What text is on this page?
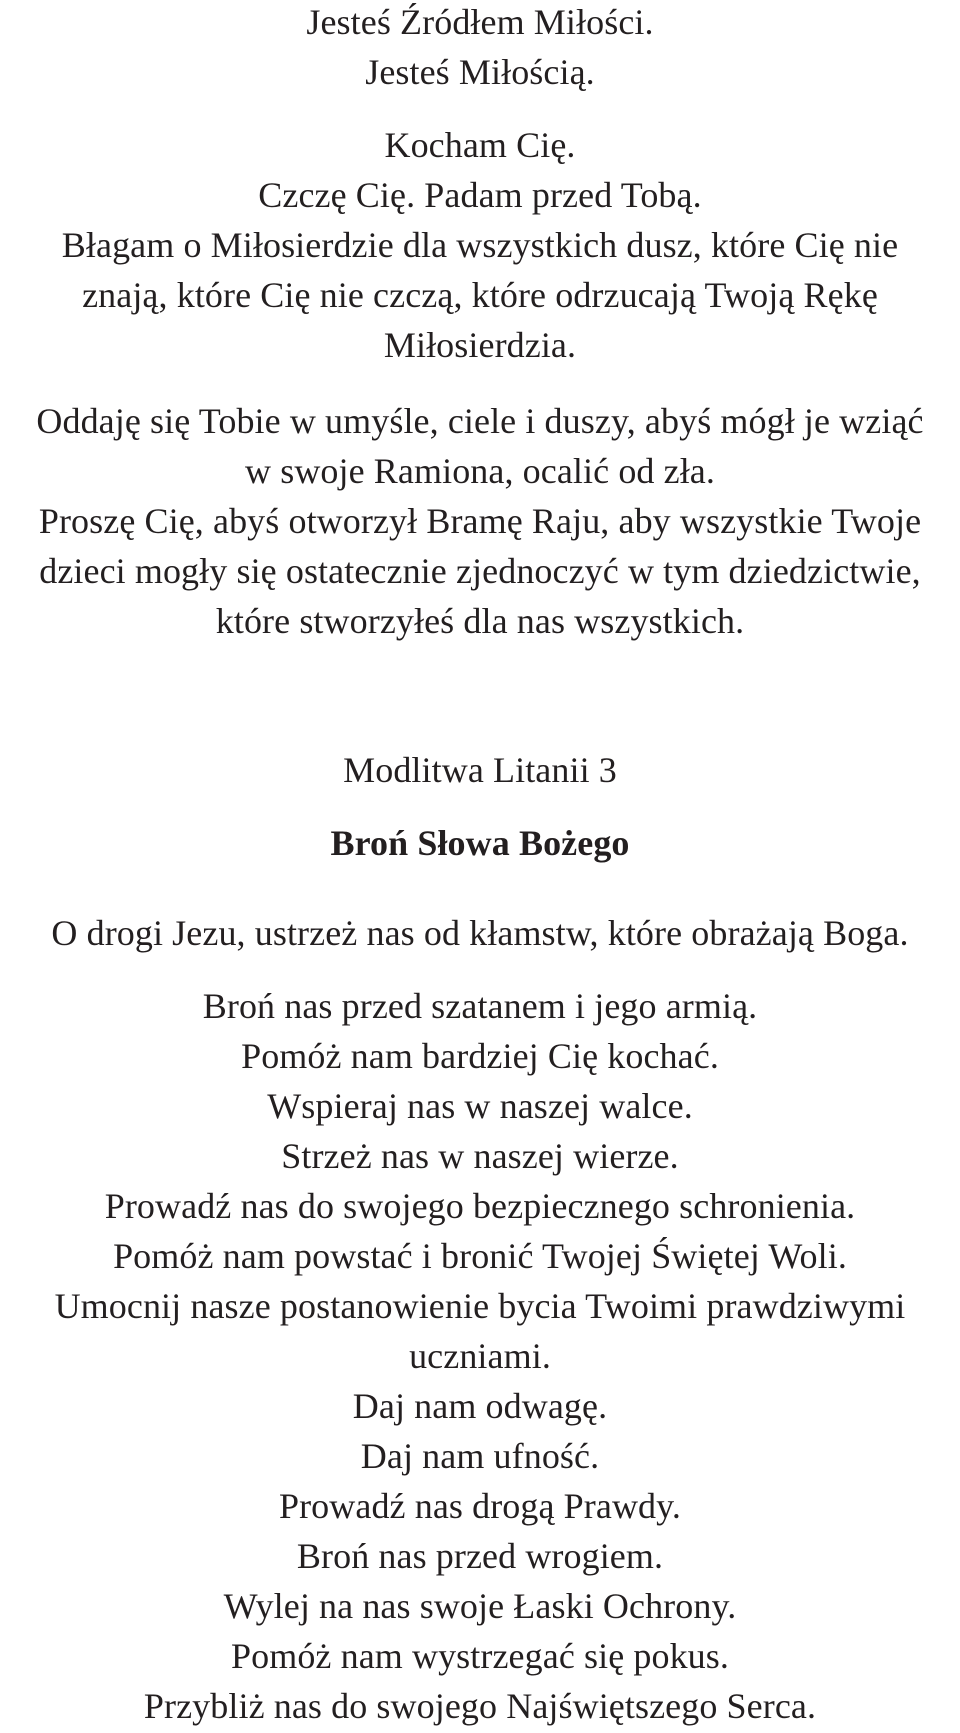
Jesteś Źródłem Miłości.
Jesteś Miłością.
Kocham Cię.
Czczę Cię. Padam przed Tobą.
Błagam o Miłosierdzie dla wszystkich dusz, które Cię nie
znają, które Cię nie czczą, które odrzucają Twoją Rękę
Miłosierdzia.
Oddaję się Tobie w umyśle, ciele i duszy, abyś mógł je wziąć
w swoje Ramiona, ocalić od zła.
Proszę Cię, abyś otworzył Bramę Raju, aby wszystkie Twoje
dzieci mogły się ostatecznie zjednoczyć w tym dziedzictwie,
które stworzyłeś dla nas wszystkich.
Modlitwa Litanii 3
Broń Słowa Bożego
O drogi Jezu, ustrzeż nas od kłamstw, które obrażają Boga.
Broń nas przed szatanem i jego armią.
Pomóż nam bardziej Cię kochać.
Wspieraj nas w naszej walce.
Strzeż nas w naszej wierze.
Prowadź nas do swojego bezpiecznego schronienia.
Pomóż nam powstać i bronić Twojej Świętej Woli.
Umocnij nasze postanowienie bycia Twoimi prawdziwymi
uczniami.
Daj nam odwagę.
Daj nam ufność.
Prowadź nas drogą Prawdy.
Broń nas przed wrogiem.
Wylej na nas swoje Łaski Ochrony.
Pomóż nam wystrzegać się pokus.
Przybliż nas do swojego Najświętszego Serca.
